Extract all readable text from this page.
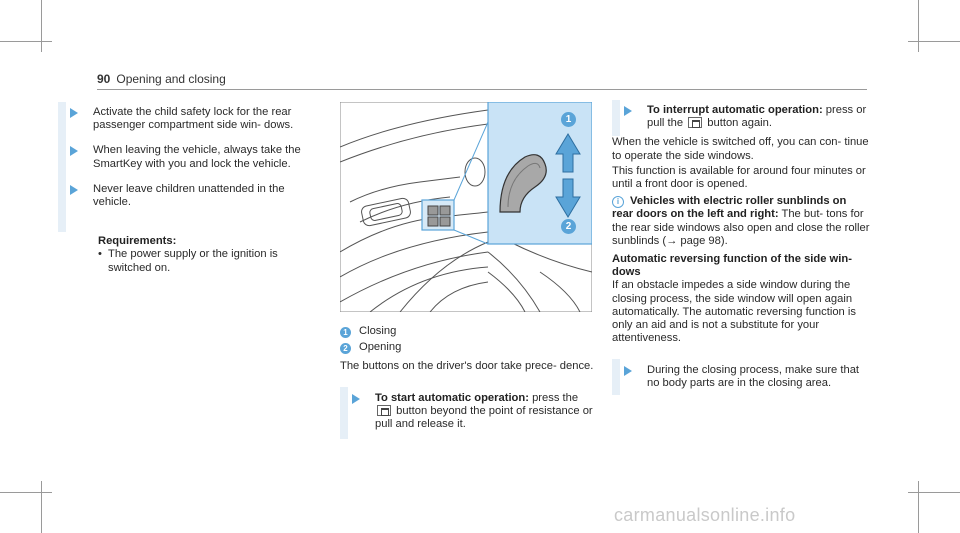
90 Opening and closing

Activate the child safety lock for the rear passenger compartment side win- dows.

When leaving the vehicle, always take the SmartKey with you and lock the vehicle.

Never leave children unattended in the vehicle.

Requirements:

• The power supply or the ignition is switched on.

1
2

1 Closing

2 Opening

The buttons on the driver's door take prece- dence.

To start automatic operation: press the
button beyond the point of resistance or pull and release it.

To interrupt automatic operation: press or pull the button again.

When the vehicle is switched off, you can con- tinue to operate the side windows.

This function is available for around four minutes or until a front door is opened.

i Vehicles with electric roller sunblinds on rear doors on the left and right: The but- tons for the rear side windows also open and close the roller sunblinds (→ page 98).

Automatic reversing function of the side win- dows

If an obstacle impedes a side window during the closing process, the side window will open again automatically. The automatic reversing function is only an aid and is not a substitute for your attentiveness.

During the closing process, make sure that no body parts are in the closing area.

carmanualsonline.info
